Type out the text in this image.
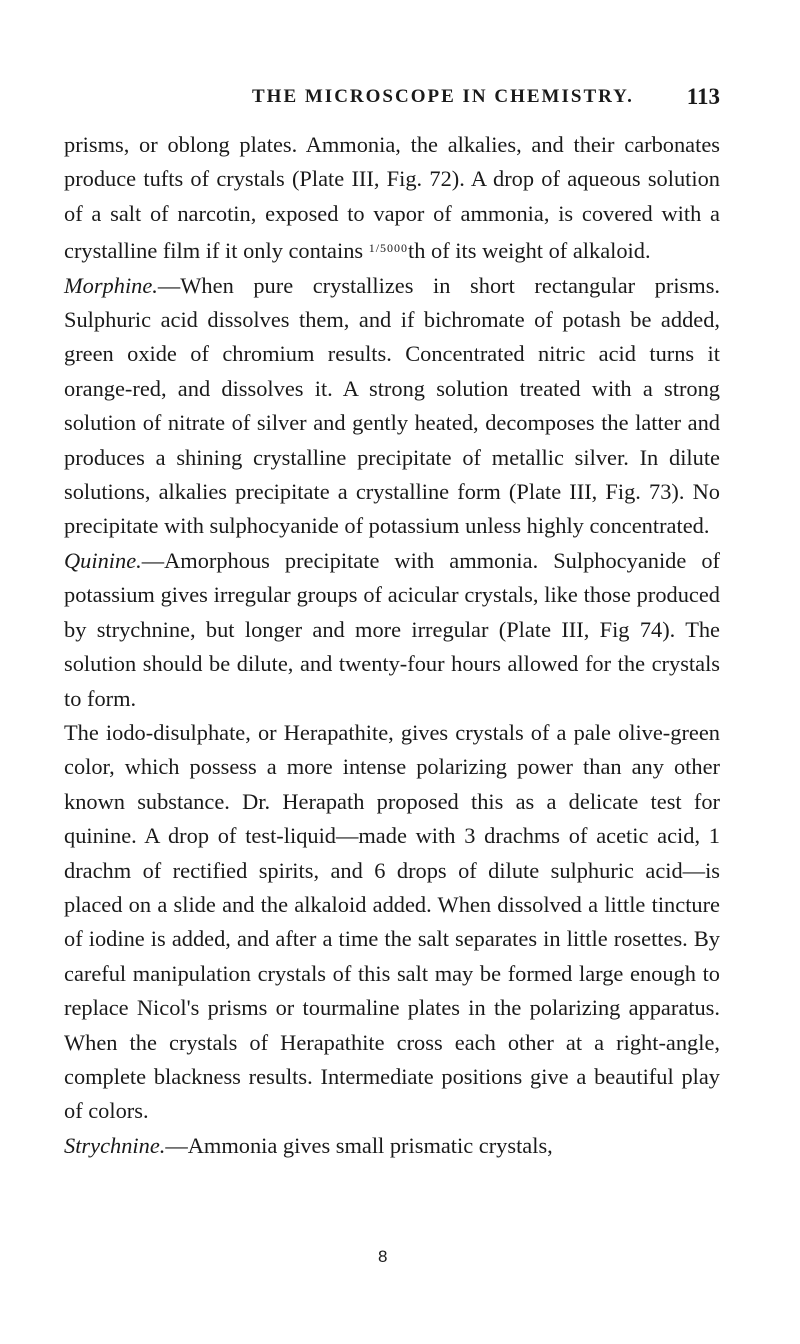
THE MICROSCOPE IN CHEMISTRY. 113

prisms, or oblong plates. Ammonia, the alkalies, and their carbonates produce tufts of crystals (Plate III, Fig. 72). A drop of aqueous solution of a salt of narcotin, exposed to vapor of ammonia, is covered with a crystalline film if it only contains 1/5000th of its weight of alkaloid.

Morphine.—When pure crystallizes in short rectangular prisms. Sulphuric acid dissolves them, and if bichromate of potash be added, green oxide of chromium results. Concentrated nitric acid turns it orange-red, and dissolves it. A strong solution treated with a strong solution of nitrate of silver and gently heated, decomposes the latter and produces a shining crystalline precipitate of metallic silver. In dilute solutions, alkalies precipitate a crystalline form (Plate III, Fig. 73). No precipitate with sulphocyanide of potassium unless highly concentrated.

Quinine.—Amorphous precipitate with ammonia. Sulphocyanide of potassium gives irregular groups of acicular crystals, like those produced by strychnine, but longer and more irregular (Plate III, Fig 74). The solution should be dilute, and twenty-four hours allowed for the crystals to form.

The iodo-disulphate, or Herapathite, gives crystals of a pale olive-green color, which possess a more intense polarizing power than any other known substance. Dr. Herapath proposed this as a delicate test for quinine. A drop of test-liquid—made with 3 drachms of acetic acid, 1 drachm of rectified spirits, and 6 drops of dilute sulphuric acid—is placed on a slide and the alkaloid added. When dissolved a little tincture of iodine is added, and after a time the salt separates in little rosettes. By careful manipulation crystals of this salt may be formed large enough to replace Nicol's prisms or tourmaline plates in the polarizing apparatus. When the crystals of Herapathite cross each other at a right-angle, complete blackness results. Intermediate positions give a beautiful play of colors.

Strychnine.—Ammonia gives small prismatic crystals,

8
